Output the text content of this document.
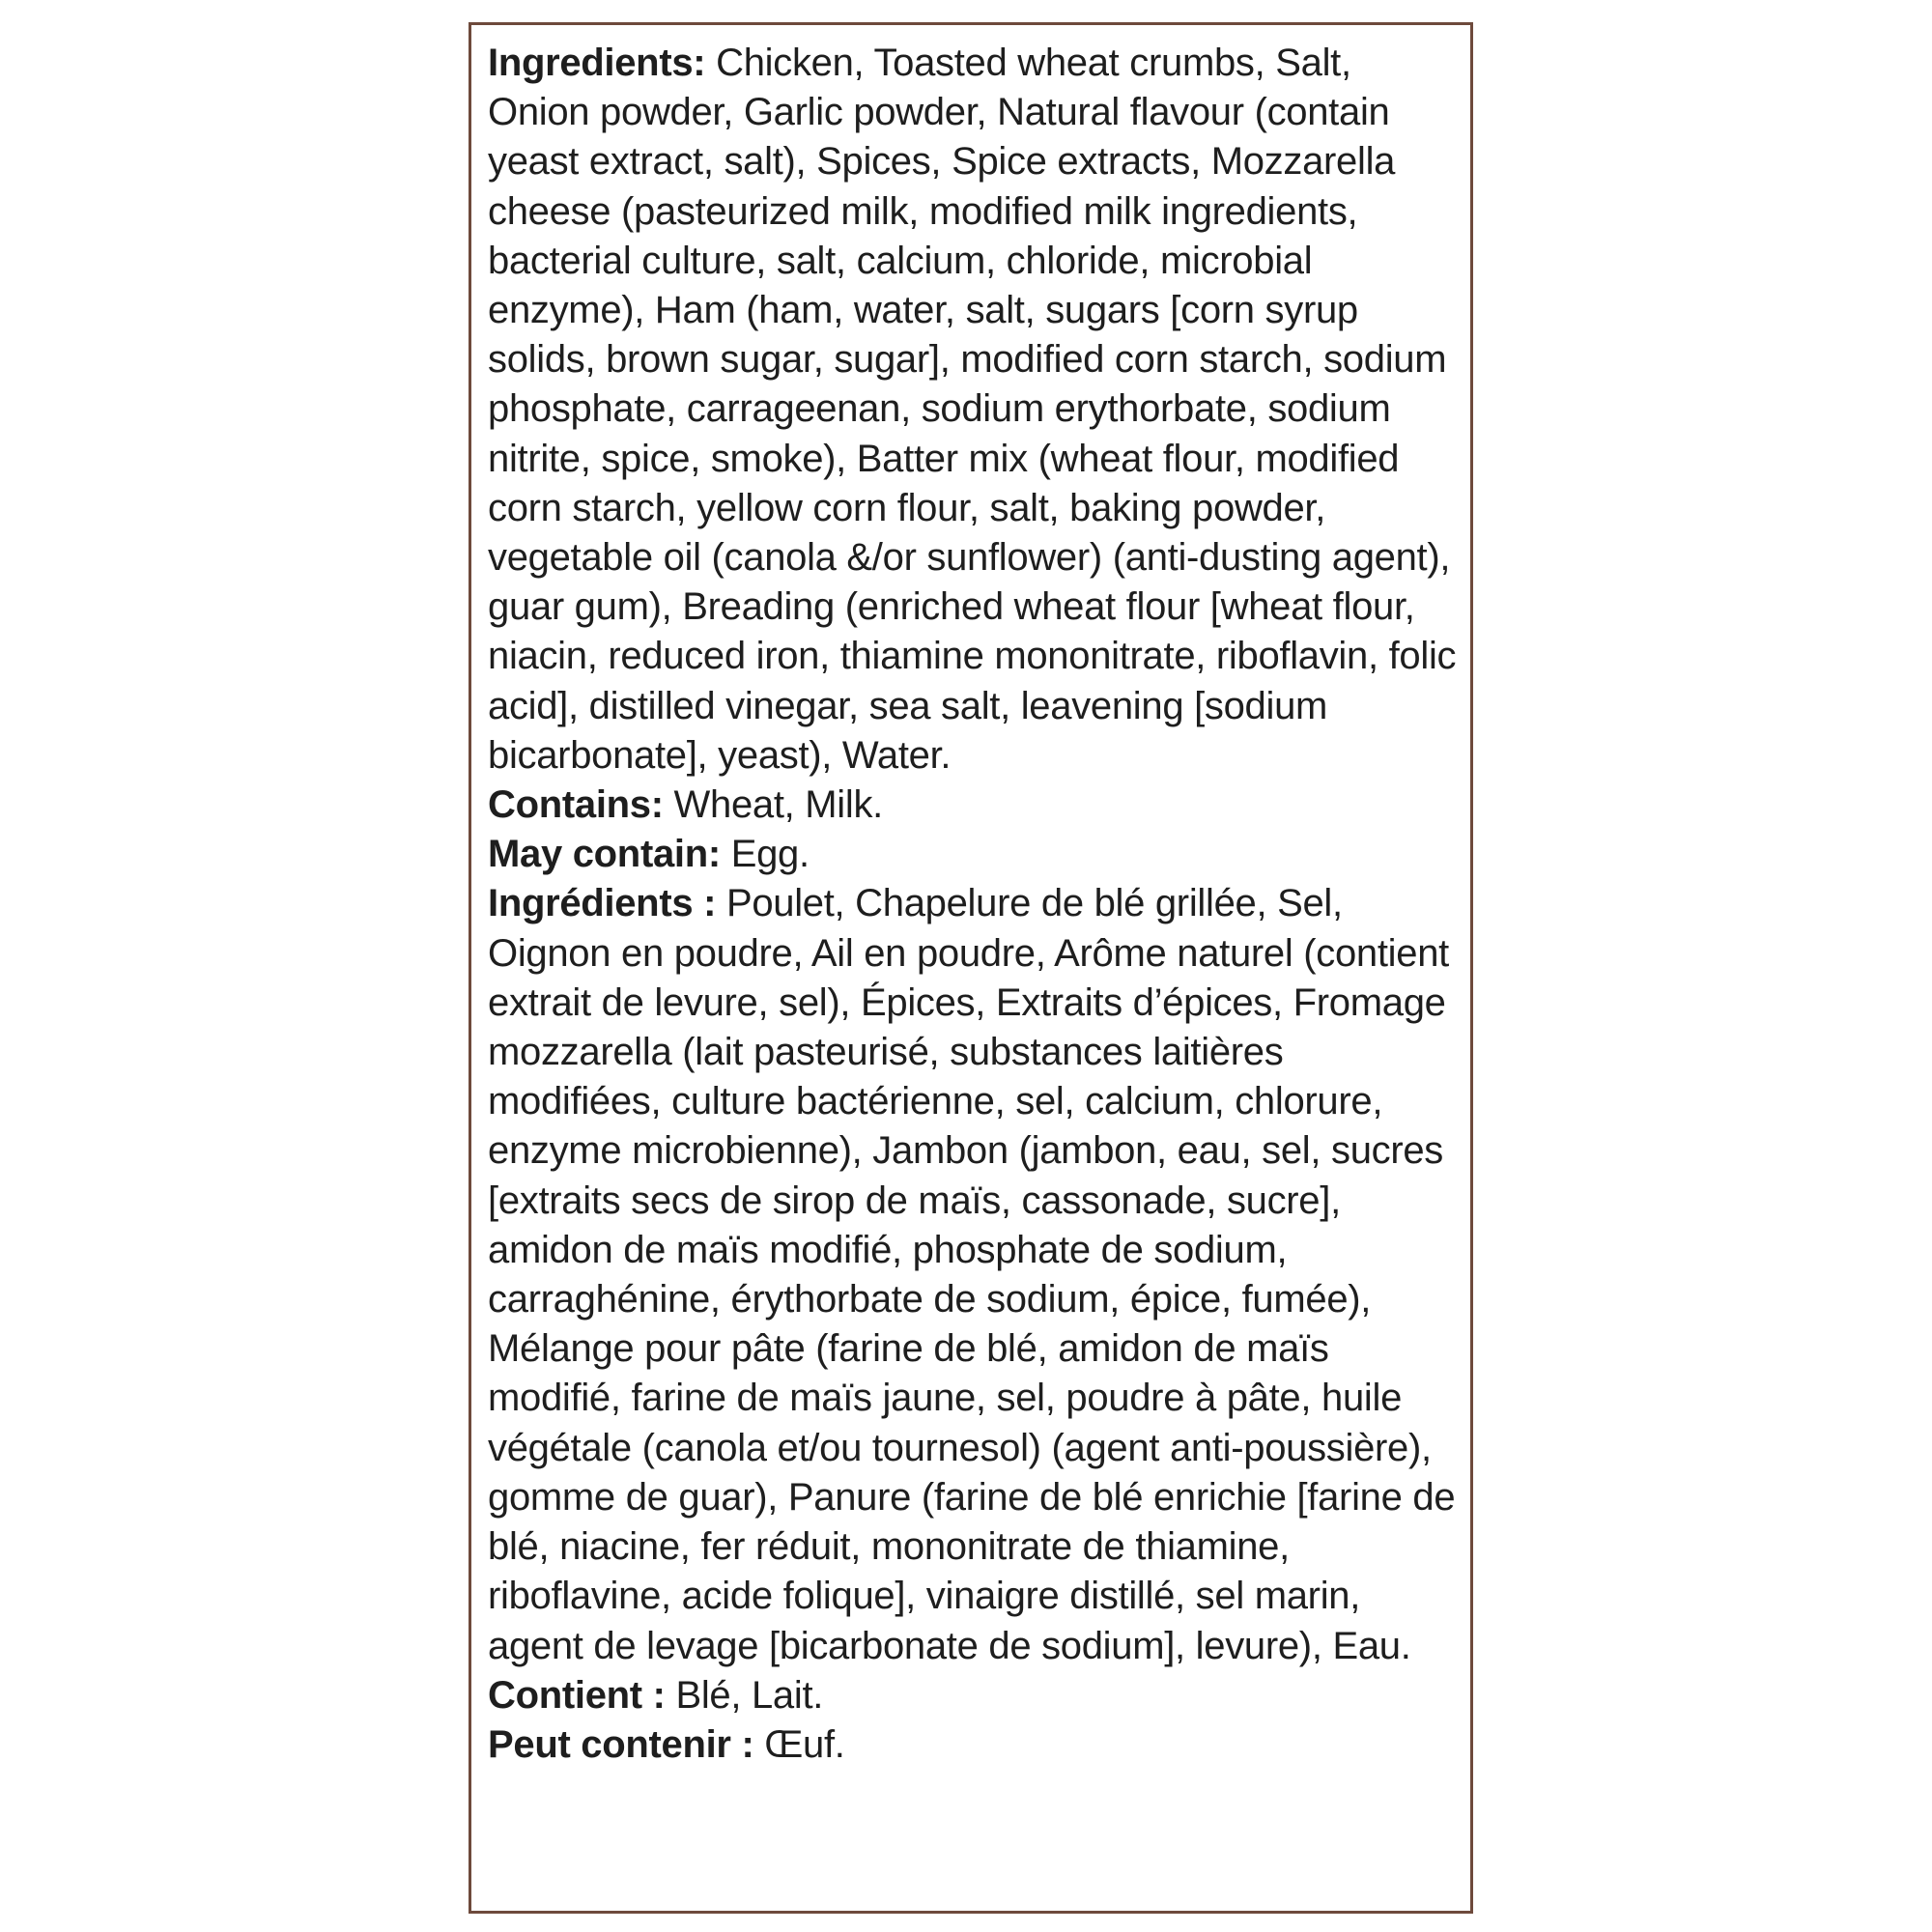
Ingredients: Chicken, Toasted wheat crumbs, Salt, Onion powder, Garlic powder, Natural flavour (contain yeast extract, salt), Spices, Spice extracts, Mozzarella cheese (pasteurized milk, modified milk ingredients, bacterial culture, salt, calcium, chloride, microbial enzyme), Ham (ham, water, salt, sugars [corn syrup solids, brown sugar, sugar], modified corn starch, sodium phosphate, carrageenan, sodium erythorbate, sodium nitrite, spice, smoke), Batter mix (wheat flour, modified corn starch, yellow corn flour, salt, baking powder, vegetable oil (canola &/or sunflower) (anti-dusting agent), guar gum), Breading (enriched wheat flour [wheat flour, niacin, reduced iron, thiamine mononitrate, riboflavin, folic acid], distilled vinegar, sea salt, leavening [sodium bicarbonate], yeast), Water.

Contains: Wheat, Milk.

May contain: Egg.

Ingrédients : Poulet, Chapelure de blé grillée, Sel, Oignon en poudre, Ail en poudre, Arôme naturel (contient extrait de levure, sel), Épices, Extraits d’épices, Fromage mozzarella (lait pasteurisé, substances laitières modifiées, culture bactérienne, sel, calcium, chlorure, enzyme microbienne), Jambon (jambon, eau, sel, sucres [extraits secs de sirop de maïs, cassonade, sucre], amidon de maïs modifié, phosphate de sodium, carraghénine, érythorbate de sodium, épice, fumée), Mélange pour pâte (farine de blé, amidon de maïs modifié, farine de maïs jaune, sel, poudre à pâte, huile végétale (canola et/ou tournesol) (agent anti-poussière), gomme de guar), Panure (farine de blé enrichie [farine de blé, niacine, fer réduit, mononitrate de thiamine, riboflavine, acide folique], vinaigre distillé, sel marin, agent de levage [bicarbonate de sodium], levure), Eau.

Contient : Blé, Lait.

Peut contenir : Œuf.
